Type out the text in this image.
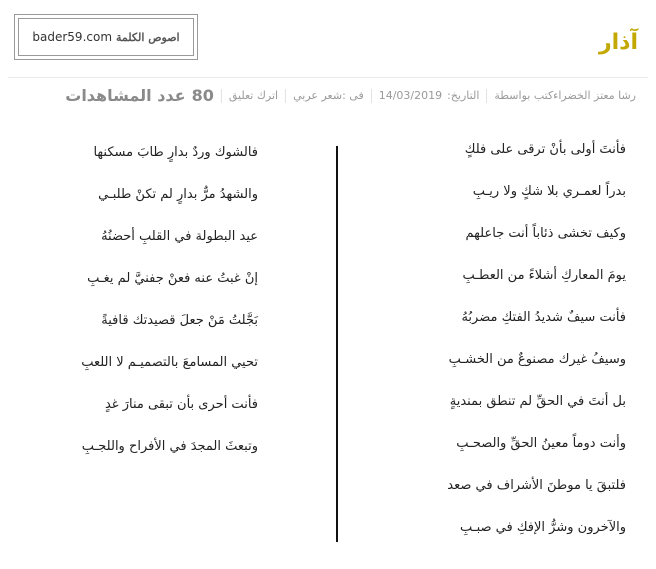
آذار
bader59.com اصوص الكلمة
رشا معتز الخضراءكتب بواسطة
التاريخ:
14/03/2019
فى :
شعر عربي
اترك تعليق
80
عدد المشاهدات
فأنتَ أولى بأنْ ترقى على فلكٍ
بدراً لعمـري بلا شكٍ ولا ريـبِ
وكيف تخشى ذئاباً أنت جاعلهم
يومَ المعاركِ أشلاءً من العطـبِ
فأنت سيفٌ شديدُ الفتكِ مضربُهُ
وسيفُ غيرك مصنوعٌ من الخشـبِ
بل أنتَ في الحقِّ لم تنطق بمنديةٍ
وأنت دوماً معينُ الحقِّ والصحـبِ
فلتبقَ يا موطنَ الأشراف في صعد
والآخرون وشرُّ الإفكِ في صبـبِ
فالشوك وردٌ بدارٍ طابَ مسكنها
والشهدُ مرٌّ بدارٍ لم تكنْ طلبـي
عيد البطولة في القلبِ أحضنُهُ
إنْ غبتُ عنه فعنْ جفنيَّ لم يغـبِ
بَجَّلتُ مَنْ جعلَ قصيدتك قافيةً
تحيي المسامعَ بالتصميـم لا اللعبِ
فأنت أحرى بأن تبقى منارَ غدٍ
وتبعثَ المجدَ في الأفراح واللجـبِ
